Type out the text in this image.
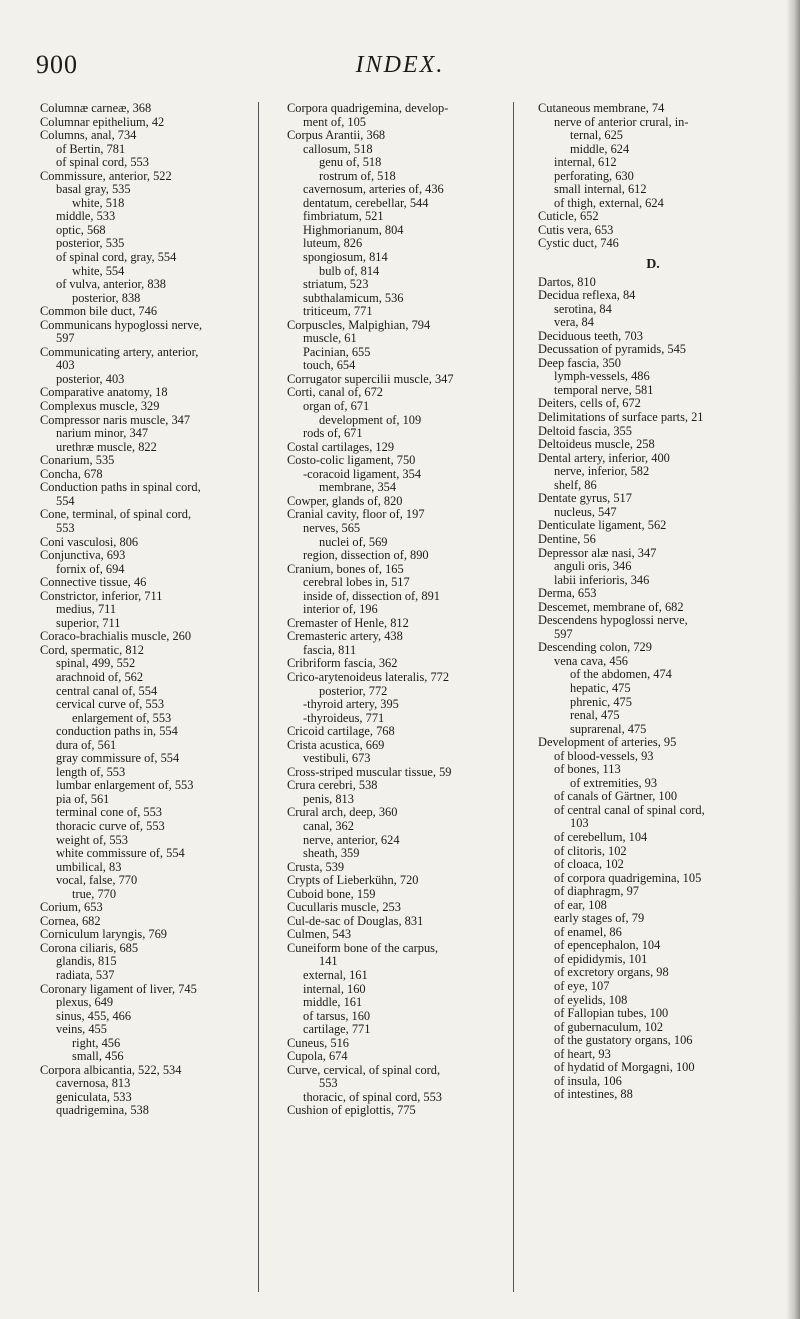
900	INDEX.
Columnæ carneæ, 368
Columnar epithelium, 42
Columns, anal, 734
of Bertin, 781
of spinal cord, 553
Commissure, anterior, 522
basal gray, 535
white, 518
middle, 533
optic, 568
posterior, 535
of spinal cord, gray, 554
white, 554
of vulva, anterior, 838
posterior, 838
Common bile duct, 746
Communicans hypoglossi nerve,
597
Communicating artery, anterior,
403
posterior, 403
Comparative anatomy, 18
Complexus muscle, 329
Compressor naris muscle, 347
narium minor, 347
urethræ muscle, 822
Conarium, 535
Concha, 678
Conduction paths in spinal cord,
554
Cone, terminal, of spinal cord,
553
Coni vasculosi, 806
Conjunctiva, 693
fornix of, 694
Connective tissue, 46
Constrictor, inferior, 711
medius, 711
superior, 711
Coraco-brachialis muscle, 260
Cord, spermatic, 812
spinal, 499, 552
arachnoid of, 562
central canal of, 554
cervical curve of, 553
enlargement of, 553
conduction paths in, 554
dura of, 561
gray commissure of, 554
length of, 553
lumbar enlargement of, 553
pia of, 561
terminal cone of, 553
thoracic curve of, 553
weight of, 553
white commissure of, 554
umbilical, 83
vocal, false, 770
true, 770
Corium, 653
Cornea, 682
Corniculum laryngis, 769
Corona ciliaris, 685
glandis, 815
radiata, 537
Coronary ligament of liver, 745
plexus, 649
sinus, 455, 466
veins, 455
right, 456
small, 456
Corpora albicantia, 522, 534
cavernosa, 813
geniculata, 533
quadrigemina, 538
Corpora quadrigemina, develop-
ment of, 105
Corpus Arantii, 368
callosum, 518
genu of, 518
rostrum of, 518
cavernosum, arteries of, 436
dentatum, cerebellar, 544
fimbriatum, 521
Highmorianum, 804
luteum, 826
spongiosum, 814
bulb of, 814
striatum, 523
subthalamicum, 536
triticeum, 771
Corpuscles, Malpighian, 794
muscle, 61
Pacinian, 655
touch, 654
Corrugator supercilii muscle, 347
Corti, canal of, 672
organ of, 671
development of, 109
rods of, 671
Costal cartilages, 129
Costo-colic ligament, 750
-coracoid ligament, 354
membrane, 354
Cowper, glands of, 820
Cranial cavity, floor of, 197
nerves, 565
nuclei of, 569
region, dissection of, 890
Cranium, bones of, 165
cerebral lobes in, 517
inside of, dissection of, 891
interior of, 196
Cremaster of Henle, 812
Cremasteric artery, 438
fascia, 811
Cribriform fascia, 362
Crico-arytenoideus lateralis, 772
posterior, 772
-thyroid artery, 395
-thyroideus, 771
Cricoid cartilage, 768
Crista acustica, 669
vestibuli, 673
Cross-striped muscular tissue, 59
Crura cerebri, 538
penis, 813
Crural arch, deep, 360
canal, 362
nerve, anterior, 624
sheath, 359
Crusta, 539
Crypts of Lieberkühn, 720
Cuboid bone, 159
Cucullaris muscle, 253
Cul-de-sac of Douglas, 831
Culmen, 543
Cuneiform bone of the carpus,
141
external, 161
internal, 160
middle, 161
of tarsus, 160
cartilage, 771
Cuneus, 516
Cupola, 674
Curve, cervical, of spinal cord,
553
thoracic, of spinal cord, 553
Cushion of epiglottis, 775
Cutaneous membrane, 74
nerve of anterior crural, in-
ternal, 625
middle, 624
internal, 612
perforating, 630
small internal, 612
of thigh, external, 624
Cuticle, 652
Cutis vera, 653
Cystic duct, 746
D.
Dartos, 810
Decidua reflexa, 84
serotina, 84
vera, 84
Deciduous teeth, 703
Decussation of pyramids, 545
Deep fascia, 350
lymph-vessels, 486
temporal nerve, 581
Deiters, cells of, 672
Delimitations of surface parts, 21
Deltoid fascia, 355
Deltoideus muscle, 258
Dental artery, inferior, 400
nerve, inferior, 582
shelf, 86
Dentate gyrus, 517
nucleus, 547
Denticulate ligament, 562
Dentine, 56
Depressor alæ nasi, 347
anguli oris, 346
labii inferioris, 346
Derma, 653
Descemet, membrane of, 682
Descendens hypoglossi nerve,
597
Descending colon, 729
vena cava, 456
of the abdomen, 474
hepatic, 475
phrenic, 475
renal, 475
suprarenal, 475
Development of arteries, 95
of blood-vessels, 93
of bones, 113
of extremities, 93
of canals of Gärtner, 100
of central canal of spinal cord,
103
of cerebellum, 104
of clitoris, 102
of cloaca, 102
of corpora quadrigemina, 105
of diaphragm, 97
of ear, 108
early stages of, 79
of enamel, 86
of epencephalon, 104
of epididymis, 101
of excretory organs, 98
of eye, 107
of eyelids, 108
of Fallopian tubes, 100
of gubernaculum, 102
of the gustatory organs, 106
of heart, 93
of hydatid of Morgagni, 100
of insula, 106
of intestines, 88
